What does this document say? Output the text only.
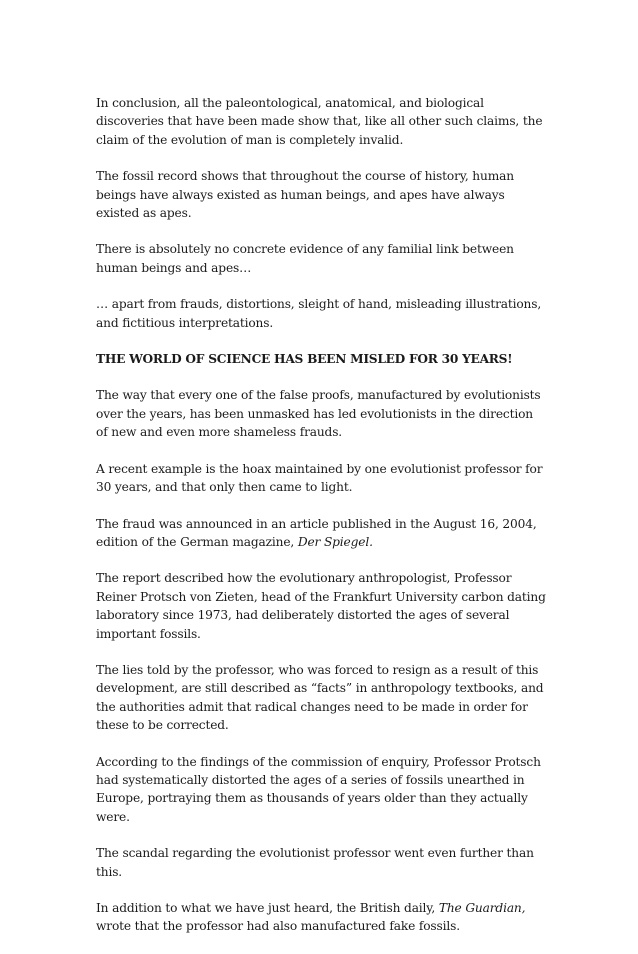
In conclusion, all the paleontological, anatomical, and biological discoveries that have been made show that, like all other such claims, the claim of the evolution of man is completely invalid.

The fossil record shows that throughout the course of history, human beings have always existed as human beings, and apes have always existed as apes.

There is absolutely no concrete evidence of any familial link between human beings and apes…

… apart from frauds, distortions, sleight of hand, misleading illustrations, and fictitious interpretations.

THE WORLD OF SCIENCE HAS BEEN MISLED FOR 30 YEARS!

The way that every one of the false proofs, manufactured by evolutionists over the years, has been unmasked has led evolutionists in the direction of new and even more shameless frauds.

A recent example is the hoax maintained by one evolutionist professor for 30 years, and that only then came to light.

The fraud was announced in an article published in the August 16, 2004, edition of the German magazine, Der Spiegel.

The report described how the evolutionary anthropologist, Professor Reiner Protsch von Zieten, head of the Frankfurt University carbon dating laboratory since 1973, had deliberately distorted the ages of several important fossils.

The lies told by the professor, who was forced to resign as a result of this development, are still described as “facts” in anthropology textbooks, and the authorities admit that radical changes need to be made in order for these to be corrected.

According to the findings of the commission of enquiry, Professor Protsch had systematically distorted the ages of a series of fossils unearthed in Europe, portraying them as thousands of years older than they actually were.

The scandal regarding the evolutionist professor went even further than this.

In addition to what we have just heard, the British daily, The Guardian, wrote that the professor had also manufactured fake fossils.
